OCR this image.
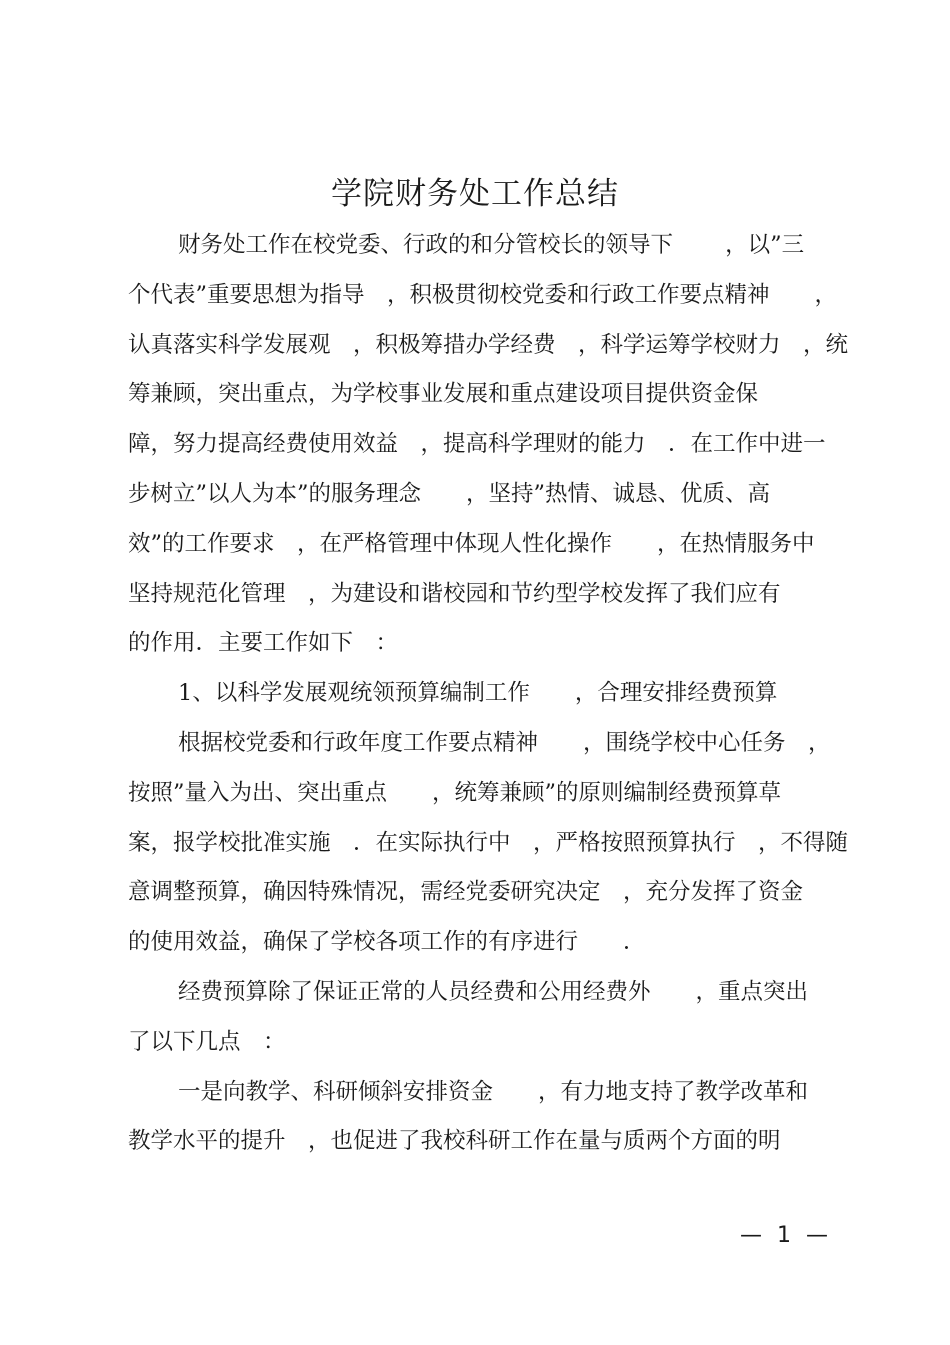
学院财务处工作总结
财务处工作在校党委、行政的和分管校长的领导下　　 ，以”三
个代表”重要思想为指导　，积极贯彻校党委和行政工作要点精神　　，
认真落实科学发展观　，积极筹措办学经费　，科学运筹学校财力　，统
筹兼顾，突出重点，为学校事业发展和重点建设项目提供资金保
障，努力提高经费使用效益　，提高科学理财的能力　．在工作中进一
步树立”以人为本”的服务理念　　，坚持”热情、诚恳、优质、高
效”的工作要求　，在严格管理中体现人性化操作　　，在热情服务中
坚持规范化管理　，为建设和谐校园和节约型学校发挥了我们应有
的作用．主要工作如下　：
1、以科学发展观统领预算编制工作　　，合理安排经费预算
根据校党委和行政年度工作要点精神　　，围绕学校中心任务　，
按照”量入为出、突出重点　　，统筹兼顾”的原则编制经费预算草
案，报学校批准实施　．在实际执行中　，严格按照预算执行　，不得随
意调整预算，确因特殊情况，需经党委研究决定　，充分发挥了资金
的使用效益，确保了学校各项工作的有序进行　　．
经费预算除了保证正常的人员经费和公用经费外　　，重点突出
了以下几点　：
一是向教学、科研倾斜安排资金　　，有力地支持了教学改革和
教学水平的提升　，也促进了我校科研工作在量与质两个方面的明
— 1 —
